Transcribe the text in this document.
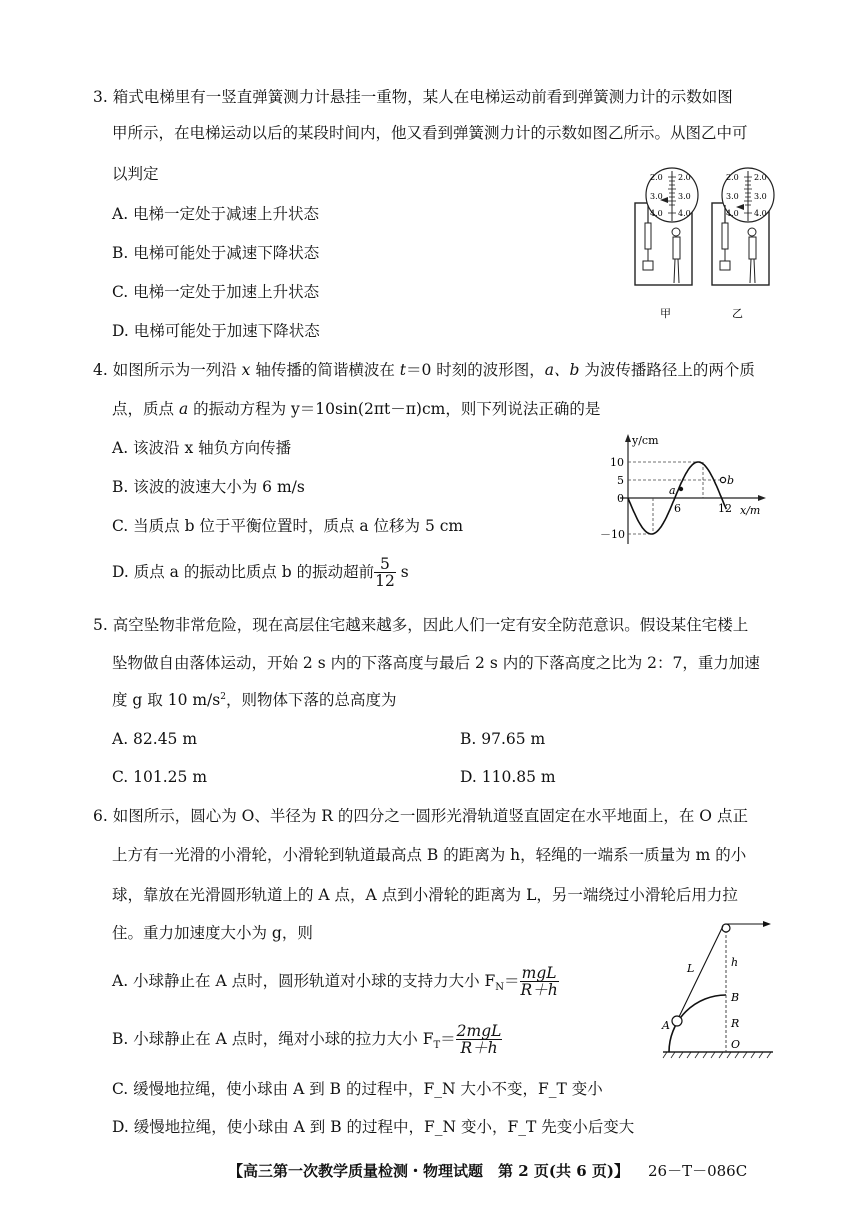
3. 箱式电梯里有一竖直弹簧测力计悬挂一重物，某人在电梯运动前看到弹簧测力计的示数如图
甲所示，在电梯运动以后的某段时间内，他又看到弹簧测力计的示数如图乙所示。从图乙中可
以判定
A. 电梯一定处于减速上升状态
B. 电梯可能处于减速下降状态
C. 电梯一定处于加速上升状态
D. 电梯可能处于加速下降状态
2.0 2.0
3.0 3.0
4.0 4.0
2.0 2.0
3.0 3.0
4.0 4.0
甲	乙
4. 如图所示为一列沿 x 轴传播的简谐横波在 t＝0 时刻的波形图，a、b 为波传播路径上的两个质
点，质点 a 的振动方程为 y＝10sin(2πt－π)cm，则下列说法正确的是
A. 该波沿 x 轴负方向传播
B. 该波的波速大小为 6 m/s
C. 当质点 b 位于平衡位置时，质点 a 位移为 5 cm
D. 质点 a 的振动比质点 b 的振动超前 $\frac{5}{12}$ s
y/cm
x/m
10
5
0
－10
6	12
a
b
5. 高空坠物非常危险，现在高层住宅越来越多，因此人们一定有安全防范意识。假设某住宅楼上
坠物做自由落体运动，开始 2 s 内的下落高度与最后 2 s 内的下落高度之比为 2：7，重力加速
度 g 取 10 $m/s^2$，则物体下落的总高度为
A. 82.45 m	B. 97.65 m
C. 101.25 m	D. 110.85 m
6. 如图所示，圆心为 O、半径为 R 的四分之一圆形光滑轨道竖直固定在水平地面上，在 O 点正
上方有一光滑的小滑轮，小滑轮到轨道最高点 B 的距离为 h，轻绳的一端系一质量为 m 的小
球，靠放在光滑圆形轨道上的 A 点，A 点到小滑轮的距离为 L，另一端绕过小滑轮后用力拉
住。重力加速度大小为 g，则
A. 小球静止在 A 点时，圆形轨道对小球的支持力大小 $F_N= \frac{\text{mgL}}{R+h}$
B. 小球静止在 A 点时，绳对小球的拉力大小 $F_T= \frac{\text{2mgL}}{R+h}$
C. 缓慢地拉绳，使小球由 A 到 B 的过程中，F_N 大小不变，F_T 变小
D. 缓慢地拉绳，使小球由 A 到 B 的过程中，F_N 变小，F_T 先变小后变大
L	h
B
R
A
O
【高三第一次教学质量检测・物理试题　第 2 页(共 6 页)】 26－T－086C
